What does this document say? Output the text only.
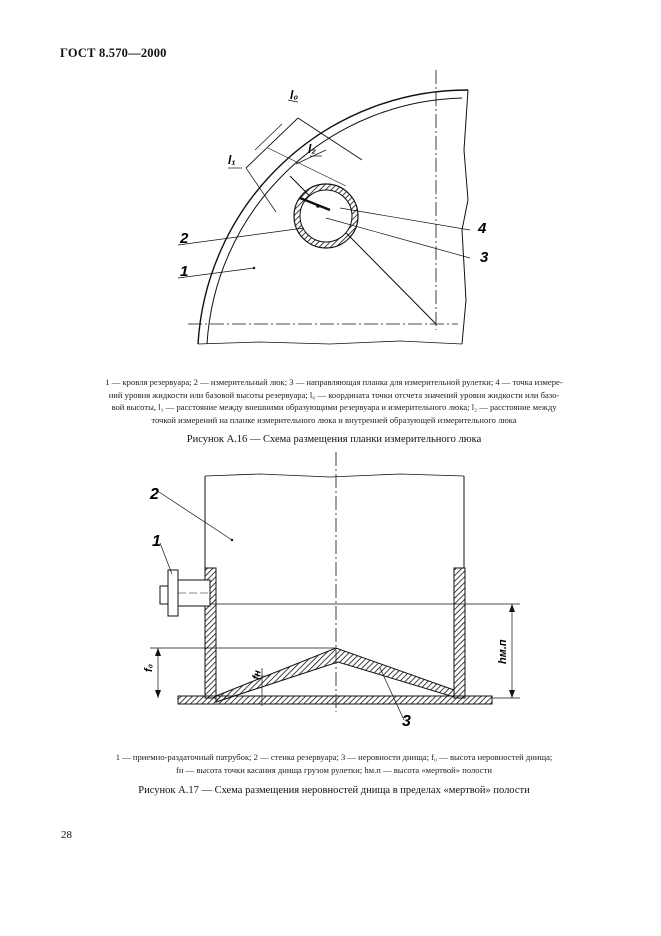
ГОСТ 8.570—2000
1
2
3
4
l₀
l₁
l₂
1 — кровля резервуара; 2 — измерительный люк; 3 — направляющая планка для измерительной рулетки; 4 — точка измере-
ний уровня жидкости или базовой высоты резервуара; l₀ — координата точки отсчета значений уровня жидкости или базо-
вой высоты, l₁ — расстояние между внешними образующими резервуара и измерительного люка; l₂ — расстояние между
точкой измерений на планке измерительного люка и внутренней образующей измерительного люка
Рисунок А.16 — Схема размещения планки измерительного люка
1
2
3
f₀
fн
hм.п
1 — приемно-раздаточный патрубок; 2 — стенка резервуара; 3 — неровности днища; f₀ — высота неровностей днища;
fн — высота точки касания днища грузом рулетки; hм.п — высота «мертвой» полости
Рисунок А.17 — Схема размещения неровностей днища в пределах «мертвой» полости
28
